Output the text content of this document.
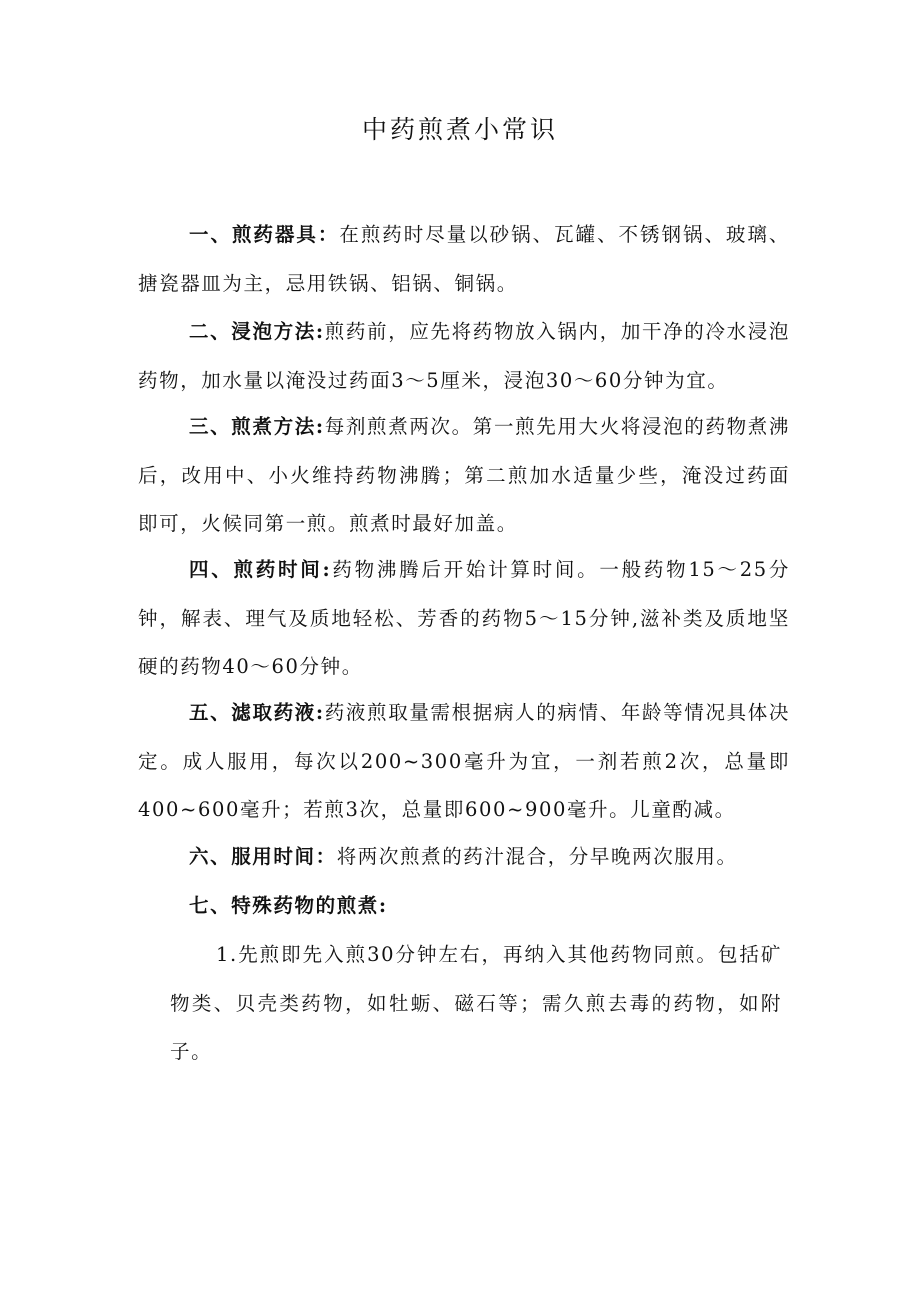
中药煎煮小常识

一、煎药器具：在煎药时尽量以砂锅、瓦罐、不锈钢锅、玻璃、搪瓷器皿为主，忌用铁锅、铝锅、铜锅。

二、浸泡方法:煎药前，应先将药物放入锅内，加干净的冷水浸泡药物，加水量以淹没过药面3～5厘米，浸泡30～60分钟为宜。

三、煎煮方法:每剂煎煮两次。第一煎先用大火将浸泡的药物煮沸后，改用中、小火维持药物沸腾；第二煎加水适量少些，淹没过药面即可，火候同第一煎。煎煮时最好加盖。

四、煎药时间:药物沸腾后开始计算时间。一般药物15～25分钟，解表、理气及质地轻松、芳香的药物5～15分钟,滋补类及质地坚硬的药物40～60分钟。

五、滤取药液:药液煎取量需根据病人的病情、年龄等情况具体决定。成人服用，每次以200~300毫升为宜，一剂若煎2次，总量即400~600毫升；若煎3次，总量即600~900毫升。儿童酌减。

六、服用时间：将两次煎煮的药汁混合，分早晚两次服用。

七、特殊药物的煎煮:

1.先煎即先入煎30分钟左右，再纳入其他药物同煎。包括矿物类、贝壳类药物，如牡蛎、磁石等；需久煎去毒的药物，如附子。
